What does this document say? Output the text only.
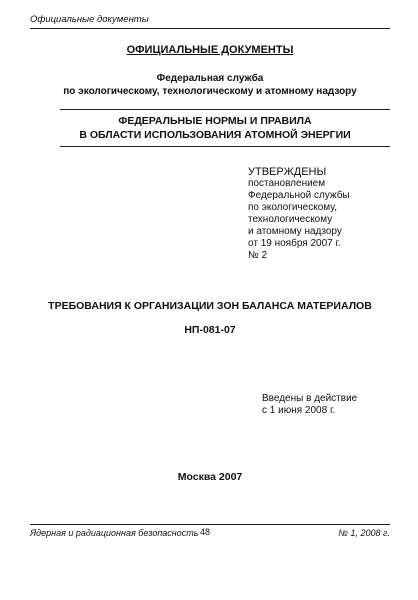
Официальные документы
ОФИЦИАЛЬНЫЕ ДОКУМЕНТЫ
Федеральная служба
по экологическому, технологическому и атомному надзору
ФЕДЕРАЛЬНЫЕ НОРМЫ И ПРАВИЛА
В ОБЛАСТИ ИСПОЛЬЗОВАНИЯ АТОМНОЙ ЭНЕРГИИ
УТВЕРЖДЕНЫ
постановлением
Федеральной службы
по экологическому,
технологическому
и атомному надзору
от 19 ноября 2007 г.
№ 2
ТРЕБОВАНИЯ К ОРГАНИЗАЦИИ ЗОН БАЛАНСА МАТЕРИАЛОВ
НП-081-07
Введены в действие
с 1 июня 2008 г.
Москва 2007
Ядерная и радиационная безопасность 48	№ 1, 2008 г.
